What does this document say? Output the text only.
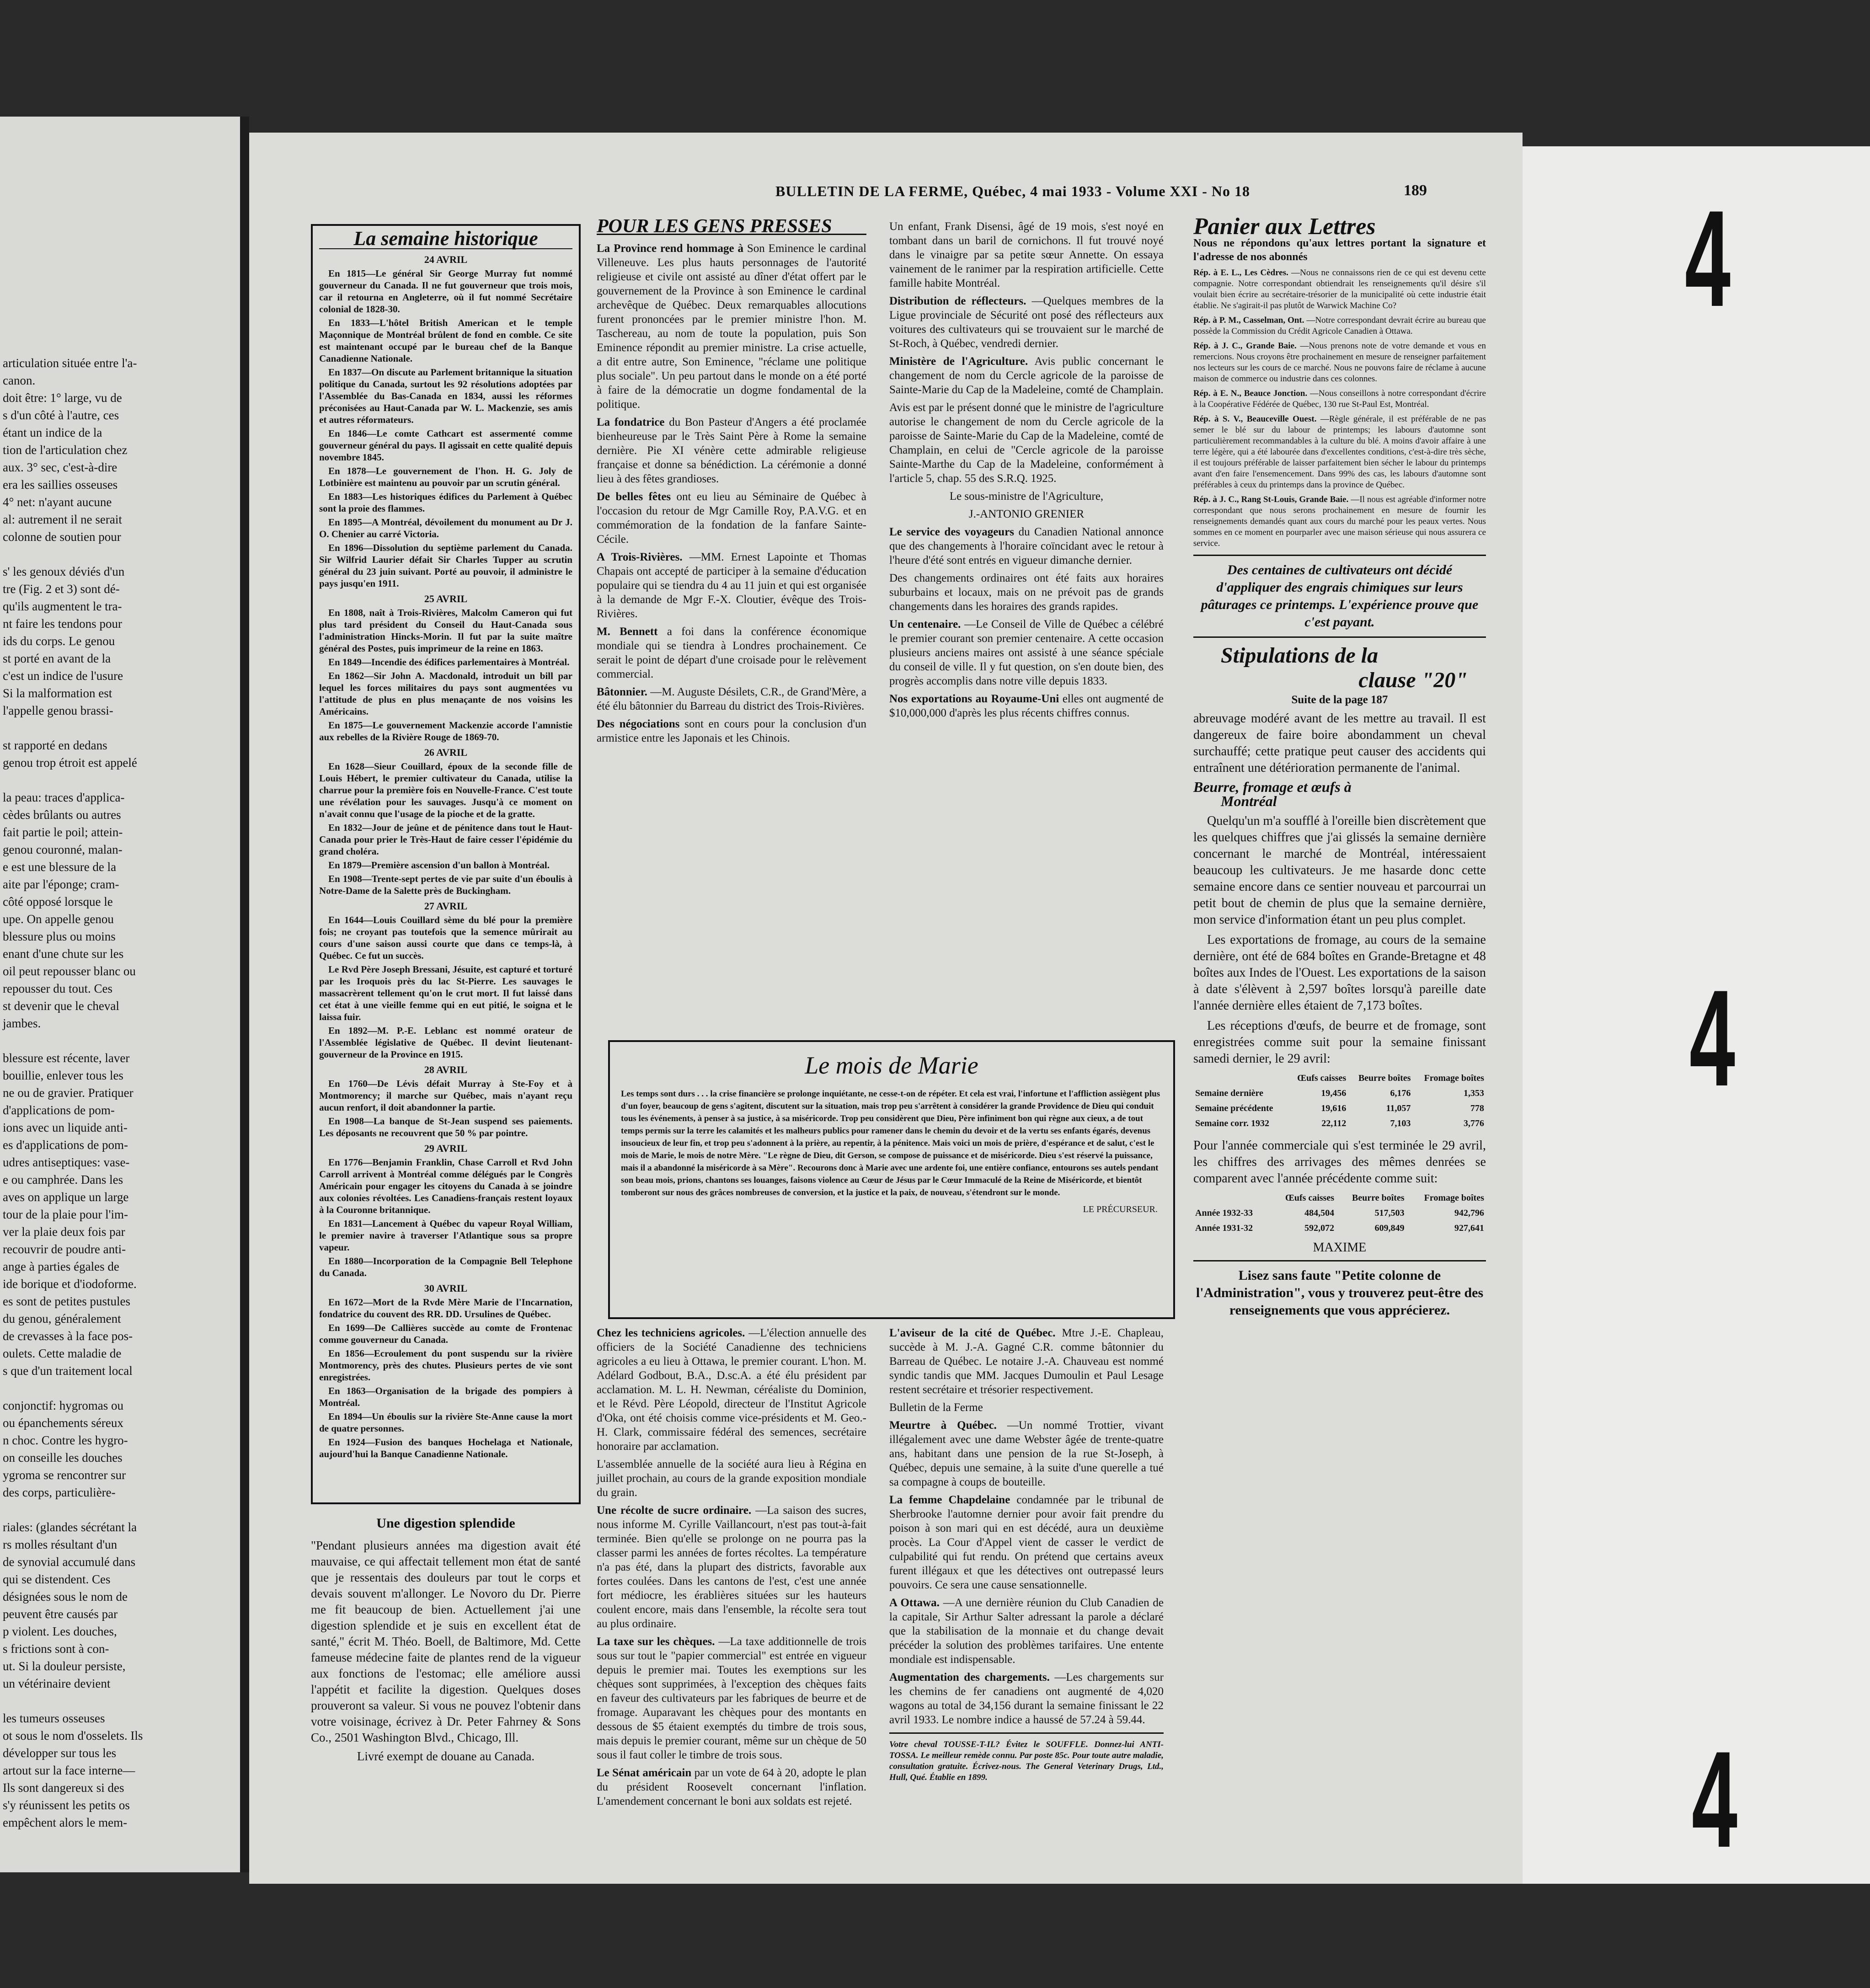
articulation située entre l'a-
canon.
doit être: 1° large, vu de
s d'un côté à l'autre, ces
étant un indice de la
tion de l'articulation chez
aux. 3° sec, c'est-à-dire
era les saillies osseuses
4° net: n'ayant aucune
al: autrement il ne serait
colonne de soutien pour

s' les genoux déviés d'un
tre (Fig. 2 et 3) sont dé-
qu'ils augmentent le tra-
nt faire les tendons pour
ids du corps. Le genou
st porté en avant de la
c'est un indice de l'usure
Si la malformation est
l'appelle genou brassi-

st rapporté en dedans
genou trop étroit est appelé

la peau: traces d'applica-
cèdes brûlants ou autres
fait partie le poil; attein-
genou couronné, malan-
e est une blessure de la
aite par l'éponge; cram-
côté opposé lorsque le
upe. On appelle genou
blessure plus ou moins
enant d'une chute sur les
oil peut repousser blanc ou
repousser du tout. Ces
st devenir que le cheval
jambes.

blessure est récente, laver
bouillie, enlever tous les
ne ou de gravier. Pratiquer
d'applications de pom-
ions avec un liquide anti-
es d'applications de pom-
udres antiseptiques: vase-
e ou camphrée. Dans les
aves on applique un large
tour de la plaie pour l'im-
ver la plaie deux fois par
recouvrir de poudre anti-
ange à parties égales de
ide borique et d'iodoforme.
es sont de petites pustules
du genou, généralement
de crevasses à la face pos-
oulets. Cette maladie de
s que d'un traitement local

conjonctif: hygromas ou
ou épanchements séreux
n choc. Contre les hygro-
on conseille les douches
ygroma se rencontrer sur
des corps, particulière-

riales: (glandes sécrétant la
rs molles résultant d'un
de synovial accumulé dans
qui se distendent. Ces
désignées sous le nom de
peuvent être causés par
p violent. Les douches,
s frictions sont à con-
ut. Si la douleur persiste,
un vétérinaire devient

les tumeurs osseuses
ot sous le nom d'osselets. Ils
développer sur tous les
artout sur la face interne—
Ils sont dangereux si des
s'y réunissent les petits os
empêchent alors le mem-
4
4
4
BULLETIN DE LA FERME, Québec, 4 mai 1933 - Volume XXI - No 18	189
La semaine historique
24 AVRIL

En 1815—Le général Sir George Murray fut nommé gouverneur du Canada. Il ne fut gouverneur que trois mois, car il retourna en Angleterre, où il fut nommé Secrétaire colonial de 1828-30.

En 1833—L'hôtel British American et le temple Maçonnique de Montréal brûlent de fond en comble. Ce site est maintenant occupé par le bureau chef de la Banque Canadienne Nationale.

En 1837—On discute au Parlement britannique la situation politique du Canada, surtout les 92 résolutions adoptées par l'Assemblée du Bas-Canada en 1834, aussi les réformes préconisées au Haut-Canada par W. L. Mackenzie, ses amis et autres réformateurs.

En 1846—Le comte Cathcart est assermenté comme gouverneur général du pays. Il agissait en cette qualité depuis novembre 1845.

En 1878—Le gouvernement de l'hon. H. G. Joly de Lotbinière est maintenu au pouvoir par un scrutin général.

En 1883—Les historiques édifices du Parlement à Québec sont la proie des flammes.

En 1895—A Montréal, dévoilement du monument au Dr J. O. Chenier au carré Victoria.

En 1896—Dissolution du septième parlement du Canada. Sir Wilfrid Laurier défait Sir Charles Tupper au scrutin général du 23 juin suivant. Porté au pouvoir, il administre le pays jusqu'en 1911.

25 AVRIL

En 1808, naît à Trois-Rivières, Malcolm Cameron qui fut plus tard président du Conseil du Haut-Canada sous l'administration Hincks-Morin. Il fut par la suite maître général des Postes, puis imprimeur de la reine en 1863.

En 1849—Incendie des édifices parlementaires à Montréal.

En 1862—Sir John A. Macdonald, introduit un bill par lequel les forces militaires du pays sont augmentées vu l'attitude de plus en plus menaçante de nos voisins les Américains.

En 1875—Le gouvernement Mackenzie accorde l'amnistie aux rebelles de la Rivière Rouge de 1869-70.

26 AVRIL

En 1628—Sieur Couillard, époux de la seconde fille de Louis Hébert, le premier cultivateur du Canada, utilise la charrue pour la première fois en Nouvelle-France. C'est toute une révélation pour les sauvages. Jusqu'à ce moment on n'avait connu que l'usage de la pioche et de la gratte.

En 1832—Jour de jeûne et de pénitence dans tout le Haut-Canada pour prier le Très-Haut de faire cesser l'épidémie du grand choléra.

En 1879—Première ascension d'un ballon à Montréal.

En 1908—Trente-sept pertes de vie par suite d'un éboulis à Notre-Dame de la Salette près de Buckingham.

27 AVRIL

En 1644—Louis Couillard sème du blé pour la première fois; ne croyant pas toutefois que la semence mûrirait au cours d'une saison aussi courte que dans ce temps-là, à Québec. Ce fut un succès.

Le Rvd Père Joseph Bressani, Jésuite, est capturé et torturé par les Iroquois près du lac St-Pierre. Les sauvages le massacrèrent tellement qu'on le crut mort. Il fut laissé dans cet état à une vieille femme qui en eut pitié, le soigna et le laissa fuir.

En 1892—M. P.-E. Leblanc est nommé orateur de l'Assemblée législative de Québec. Il devint lieutenant-gouverneur de la Province en 1915.

28 AVRIL

En 1760—De Lévis défait Murray à Ste-Foy et à Montmorency; il marche sur Québec, mais n'ayant reçu aucun renfort, il doit abandonner la partie.

En 1908—La banque de St-Jean suspend ses paiements. Les déposants ne recouvrent que 50 % par pointre.

29 AVRIL

En 1776—Benjamin Franklin, Chase Carroll et Rvd John Carroll arrivent à Montréal comme délégués par le Congrès Américain pour engager les citoyens du Canada à se joindre aux colonies révoltées. Les Canadiens-français restent loyaux à la Couronne britannique.

En 1831—Lancement à Québec du vapeur Royal William, le premier navire à traverser l'Atlantique sous sa propre vapeur.

En 1880—Incorporation de la Compagnie Bell Telephone du Canada.

30 AVRIL

En 1672—Mort de la Rvde Mère Marie de l'Incarnation, fondatrice du couvent des RR. DD. Ursulines de Québec.

En 1699—De Callières succède au comte de Frontenac comme gouverneur du Canada.

En 1856—Ecroulement du pont suspendu sur la rivière Montmorency, près des chutes. Plusieurs pertes de vie sont enregistrées.

En 1863—Organisation de la brigade des pompiers à Montréal.

En 1894—Un éboulis sur la rivière Ste-Anne cause la mort de quatre personnes.

En 1924—Fusion des banques Hochelaga et Nationale, aujourd'hui la Banque Canadienne Nationale.

Une digestion splendide

"Pendant plusieurs années ma digestion avait été mauvaise, ce qui affectait tellement mon état de santé que je ressentais des douleurs par tout le corps et devais souvent m'allonger. Le Novoro du Dr. Pierre me fit beaucoup de bien. Actuellement j'ai une digestion splendide et je suis en excellent état de santé," écrit M. Théo. Boell, de Baltimore, Md. Cette fameuse médecine faite de plantes rend de la vigueur aux fonctions de l'estomac; elle améliore aussi l'appétit et facilite la digestion. Quelques doses prouveront sa valeur. Si vous ne pouvez l'obtenir dans votre voisinage, écrivez à Dr. Peter Fahrney & Sons Co., 2501 Washington Blvd., Chicago, Ill.

Livré exempt de douane au Canada.

POUR LES GENS PRESSES

La Province rend hommage à Son Eminence le cardinal Villeneuve. Les plus hauts personnages de l'autorité religieuse et civile ont assisté au dîner d'état offert par le gouvernement de la Province à son Eminence le cardinal archevêque de Québec. Deux remarquables allocutions furent prononcées par le premier ministre l'hon. M. Taschereau, au nom de toute la population, puis Son Eminence répondit au premier ministre. La crise actuelle, a dit entre autre, Son Eminence, "réclame une politique plus sociale". Un peu partout dans le monde on a été porté à faire de la démocratie un dogme fondamental de la politique.

La fondatrice du Bon Pasteur d'Angers a été proclamée bienheureuse par le Très Saint Père à Rome la semaine dernière. Pie XI vénère cette admirable religieuse française et donne sa bénédiction. La cérémonie a donné lieu à des fêtes grandioses.

De belles fêtes ont eu lieu au Séminaire de Québec à l'occasion du retour de Mgr Camille Roy, P.A.V.G. et en commémoration de la fondation de la fanfare Sainte-Cécile.

A Trois-Rivières. —MM. Ernest Lapointe et Thomas Chapais ont accepté de participer à la semaine d'éducation populaire qui se tiendra du 4 au 11 juin et qui est organisée à la demande de Mgr F.-X. Cloutier, évêque des Trois-Rivières.

M. Bennett a foi dans la conférence économique mondiale qui se tiendra à Londres prochainement. Ce serait le point de départ d'une croisade pour le relèvement commercial.

Bâtonnier. —M. Auguste Désilets, C.R., de Grand'Mère, a été élu bâtonnier du Barreau du district des Trois-Rivières.

Des négociations sont en cours pour la conclusion d'un armistice entre les Japonais et les Chinois.

Un enfant, Frank Disensi, âgé de 19 mois, s'est noyé en tombant dans un baril de cornichons. Il fut trouvé noyé dans le vinaigre par sa petite sœur Annette. On essaya vainement de le ranimer par la respiration artificielle. Cette famille habite Montréal.

Distribution de réflecteurs. —Quelques membres de la Ligue provinciale de Sécurité ont posé des réflecteurs aux voitures des cultivateurs qui se trouvaient sur le marché de St-Roch, à Québec, vendredi dernier.

Ministère de l'Agriculture. Avis public concernant le changement de nom du Cercle agricole de la paroisse de Sainte-Marie du Cap de la Madeleine, comté de Champlain.

Avis est par le présent donné que le ministre de l'agriculture autorise le changement de nom du Cercle agricole de la paroisse de Sainte-Marie du Cap de la Madeleine, comté de Champlain, en celui de "Cercle agricole de la paroisse Sainte-Marthe du Cap de la Madeleine, conformément à l'article 5, chap. 55 des S.R.Q. 1925.

Le sous-ministre de l'Agriculture,

J.-ANTONIO GRENIER

Le service des voyageurs du Canadien National annonce que des changements à l'horaire coïncidant avec le retour à l'heure d'été sont entrés en vigueur dimanche dernier.

Des changements ordinaires ont été faits aux horaires suburbains et locaux, mais on ne prévoit pas de grands changements dans les horaires des grands rapides.

Un centenaire. —Le Conseil de Ville de Québec a célébré le premier courant son premier centenaire. A cette occasion plusieurs anciens maires ont assisté à une séance spéciale du conseil de ville. Il y fut question, on s'en doute bien, des progrès accomplis dans notre ville depuis 1833.

Nos exportations au Royaume-Uni elles ont augmenté de $10,000,000 d'après les plus récents chiffres connus.

Le mois de Marie

Les temps sont durs . . . la crise financière se prolonge inquiétante, ne cesse-t-on de répéter. Et cela est vrai, l'infortune et l'affliction assiègent plus d'un foyer, beaucoup de gens s'agitent, discutent sur la situation, mais trop peu s'arrêtent à considérer la grande Providence de Dieu qui conduit tous les événements, à penser à sa justice, à sa miséricorde. Trop peu considèrent que Dieu, Père infiniment bon qui règne aux cieux, a de tout temps permis sur la terre les calamités et les malheurs publics pour ramener dans le chemin du devoir et de la vertu ses enfants égarés, devenus insoucieux de leur fin, et trop peu s'adonnent à la prière, au repentir, à la pénitence. Mais voici un mois de prière, d'espérance et de salut, c'est le mois de Marie, le mois de notre Mère. "Le règne de Dieu, dit Gerson, se compose de puissance et de miséricorde. Dieu s'est réservé la puissance, mais il a abandonné la miséricorde à sa Mère". Recourons donc à Marie avec une ardente foi, une entière confiance, entourons ses autels pendant son beau mois, prions, chantons ses louanges, faisons violence au Cœur de Jésus par le Cœur Immaculé de la Reine de Miséricorde, et bientôt tomberont sur nous des grâces nombreuses de conversion, et la justice et la paix, de nouveau, s'étendront sur le monde.

LE PRÉCURSEUR.

Chez les techniciens agricoles. —L'élection annuelle des officiers de la Société Canadienne des techniciens agricoles a eu lieu à Ottawa, le premier courant. L'hon. M. Adélard Godbout, B.A., D.sc.A. a été élu président par acclamation. M. L. H. Newman, céréaliste du Dominion, et le Révd. Père Léopold, directeur de l'Institut Agricole d'Oka, ont été choisis comme vice-présidents et M. Geo.-H. Clark, commissaire fédéral des semences, secrétaire honoraire par acclamation.

L'assemblée annuelle de la société aura lieu à Régina en juillet prochain, au cours de la grande exposition mondiale du grain.

Une récolte de sucre ordinaire. —La saison des sucres, nous informe M. Cyrille Vaillancourt, n'est pas tout-à-fait terminée. Bien qu'elle se prolonge on ne pourra pas la classer parmi les années de fortes récoltes. La température n'a pas été, dans la plupart des districts, favorable aux fortes coulées. Dans les cantons de l'est, c'est une année fort médiocre, les érablières situées sur les hauteurs coulent encore, mais dans l'ensemble, la récolte sera tout au plus ordinaire.

La taxe sur les chèques. —La taxe additionnelle de trois sous sur tout le "papier commercial" est entrée en vigueur depuis le premier mai. Toutes les exemptions sur les chèques sont supprimées, à l'exception des chèques faits en faveur des cultivateurs par les fabriques de beurre et de fromage. Auparavant les chèques pour des montants en dessous de $5 étaient exemptés du timbre de trois sous, mais depuis le premier courant, même sur un chèque de 50 sous il faut coller le timbre de trois sous.

Le Sénat américain par un vote de 64 à 20, adopte le plan du président Roosevelt concernant l'inflation. L'amendement concernant le boni aux soldats est rejeté.

L'aviseur de la cité de Québec. Mtre J.-E. Chapleau, succède à M. J.-A. Gagné C.R. comme bâtonnier du Barreau de Québec. Le notaire J.-A. Chauveau est nommé syndic tandis que MM. Jacques Dumoulin et Paul Lesage restent secrétaire et trésorier respectivement.

Bulletin de la Ferme

Meurtre à Québec. —Un nommé Trottier, vivant illégalement avec une dame Webster âgée de trente-quatre ans, habitant dans une pension de la rue St-Joseph, à Québec, depuis une semaine, à la suite d'une querelle a tué sa compagne à coups de bouteille.

La femme Chapdelaine condamnée par le tribunal de Sherbrooke l'automne dernier pour avoir fait prendre du poison à son mari qui en est décédé, aura un deuxième procès. La Cour d'Appel vient de casser le verdict de culpabilité qui fut rendu. On prétend que certains aveux furent illégaux et que les détectives ont outrepassé leurs pouvoirs. Ce sera une cause sensationnelle.

A Ottawa. —A une dernière réunion du Club Canadien de la capitale, Sir Arthur Salter adressant la parole a déclaré que la stabilisation de la monnaie et du change devait précéder la solution des problèmes tarifaires. Une entente mondiale est indispensable.

Augmentation des chargements. —Les chargements sur les chemins de fer canadiens ont augmenté de 4,020 wagons au total de 34,156 durant la semaine finissant le 22 avril 1933. Le nombre indice a haussé de 57.24 à 59.44.

Votre cheval TOUSSE-T-IL? Évitez le SOUFFLE. Donnez-lui ANTI-TOSSA. Le meilleur remède connu. Par poste 85c. Pour toute autre maladie, consultation gratuite. Écrivez-nous. The General Veterinary Drugs, Ltd., Hull, Qué. Établie en 1899.

Panier aux Lettres

Nous ne répondons qu'aux lettres portant la signature et l'adresse de nos abonnés

Rép. à E. L., Les Cèdres. —Nous ne connaissons rien de ce qui est devenu cette compagnie. Notre correspondant obtiendrait les renseignements qu'il désire s'il voulait bien écrire au secrétaire-trésorier de la municipalité où cette industrie était établie. Ne s'agirait-il pas plutôt de Warwick Machine Co?

Rép. à P. M., Casselman, Ont. —Notre correspondant devrait écrire au bureau que possède la Commission du Crédit Agricole Canadien à Ottawa.

Rép. à J. C., Grande Baie. —Nous prenons note de votre demande et vous en remercions. Nous croyons être prochainement en mesure de renseigner parfaitement nos lecteurs sur les cours de ce marché. Nous ne pouvons faire de réclame à aucune maison de commerce ou industrie dans ces colonnes.

Rép. à E. N., Beauce Jonction. —Nous conseillons à notre correspondant d'écrire à la Coopérative Fédérée de Québec, 130 rue St-Paul Est, Montréal.

Rép. à S. V., Beauceville Ouest. —Règle générale, il est préférable de ne pas semer le blé sur du labour de printemps; les labours d'automne sont particulièrement recommandables à la culture du blé. A moins d'avoir affaire à une terre légère, qui a été labourée dans d'excellentes conditions, c'est-à-dire très sèche, il est toujours préférable de laisser parfaitement bien sécher le labour du printemps avant d'en faire l'ensemencement. Dans 99% des cas, les labours d'automne sont préférables à ceux du printemps dans la province de Québec.

Rép. à J. C., Rang St-Louis, Grande Baie. —Il nous est agréable d'informer notre correspondant que nous serons prochainement en mesure de fournir les renseignements demandés quant aux cours du marché pour les peaux vertes. Nous sommes en ce moment en pourparler avec une maison sérieuse qui nous assurera ce service.

Des centaines de cultivateurs ont décidé d'appliquer des engrais chimiques sur leurs pâturages ce printemps. L'expérience prouve que c'est payant.

Stipulations de la
clause "20"

Suite de la page 187

abreuvage modéré avant de les mettre au travail. Il est dangereux de faire boire abondamment un cheval surchauffé; cette pratique peut causer des accidents qui entraînent une détérioration permanente de l'animal.

Beurre, fromage et œufs à
Montréal

Quelqu'un m'a soufflé à l'oreille bien discrètement que les quelques chiffres que j'ai glissés la semaine dernière concernant le marché de Montréal, intéressaient beaucoup les cultivateurs. Je me hasarde donc cette semaine encore dans ce sentier nouveau et parcourrai un petit bout de chemin de plus que la semaine dernière, mon service d'information étant un peu plus complet.

Les exportations de fromage, au cours de la semaine dernière, ont été de 684 boîtes en Grande-Bretagne et 48 boîtes aux Indes de l'Ouest. Les exportations de la saison à date s'élèvent à 2,597 boîtes lorsqu'à pareille date l'année dernière elles étaient de 7,173 boîtes.

Les réceptions d'œufs, de beurre et de fromage, sont enregistrées comme suit pour la semaine finissant samedi dernier, le 29 avril:

	Œufs caisses	Beurre boîtes	Fromage boîtes
Semaine dernière	19,456	6,176	1,353
Semaine précédente	19,616	11,057	778
Semaine corr. 1932	22,112	7,103	3,776

Pour l'année commerciale qui s'est terminée le 29 avril, les chiffres des arrivages des mêmes denrées se comparent avec l'année précédente comme suit:

	Œufs caisses	Beurre boîtes	Fromage boîtes
Année 1932-33	484,504	517,503	942,796
Année 1931-32	592,072	609,849	927,641

MAXIME

Lisez sans faute "Petite colonne de l'Administration", vous y trouverez peut-être des renseignements que vous apprécierez.
